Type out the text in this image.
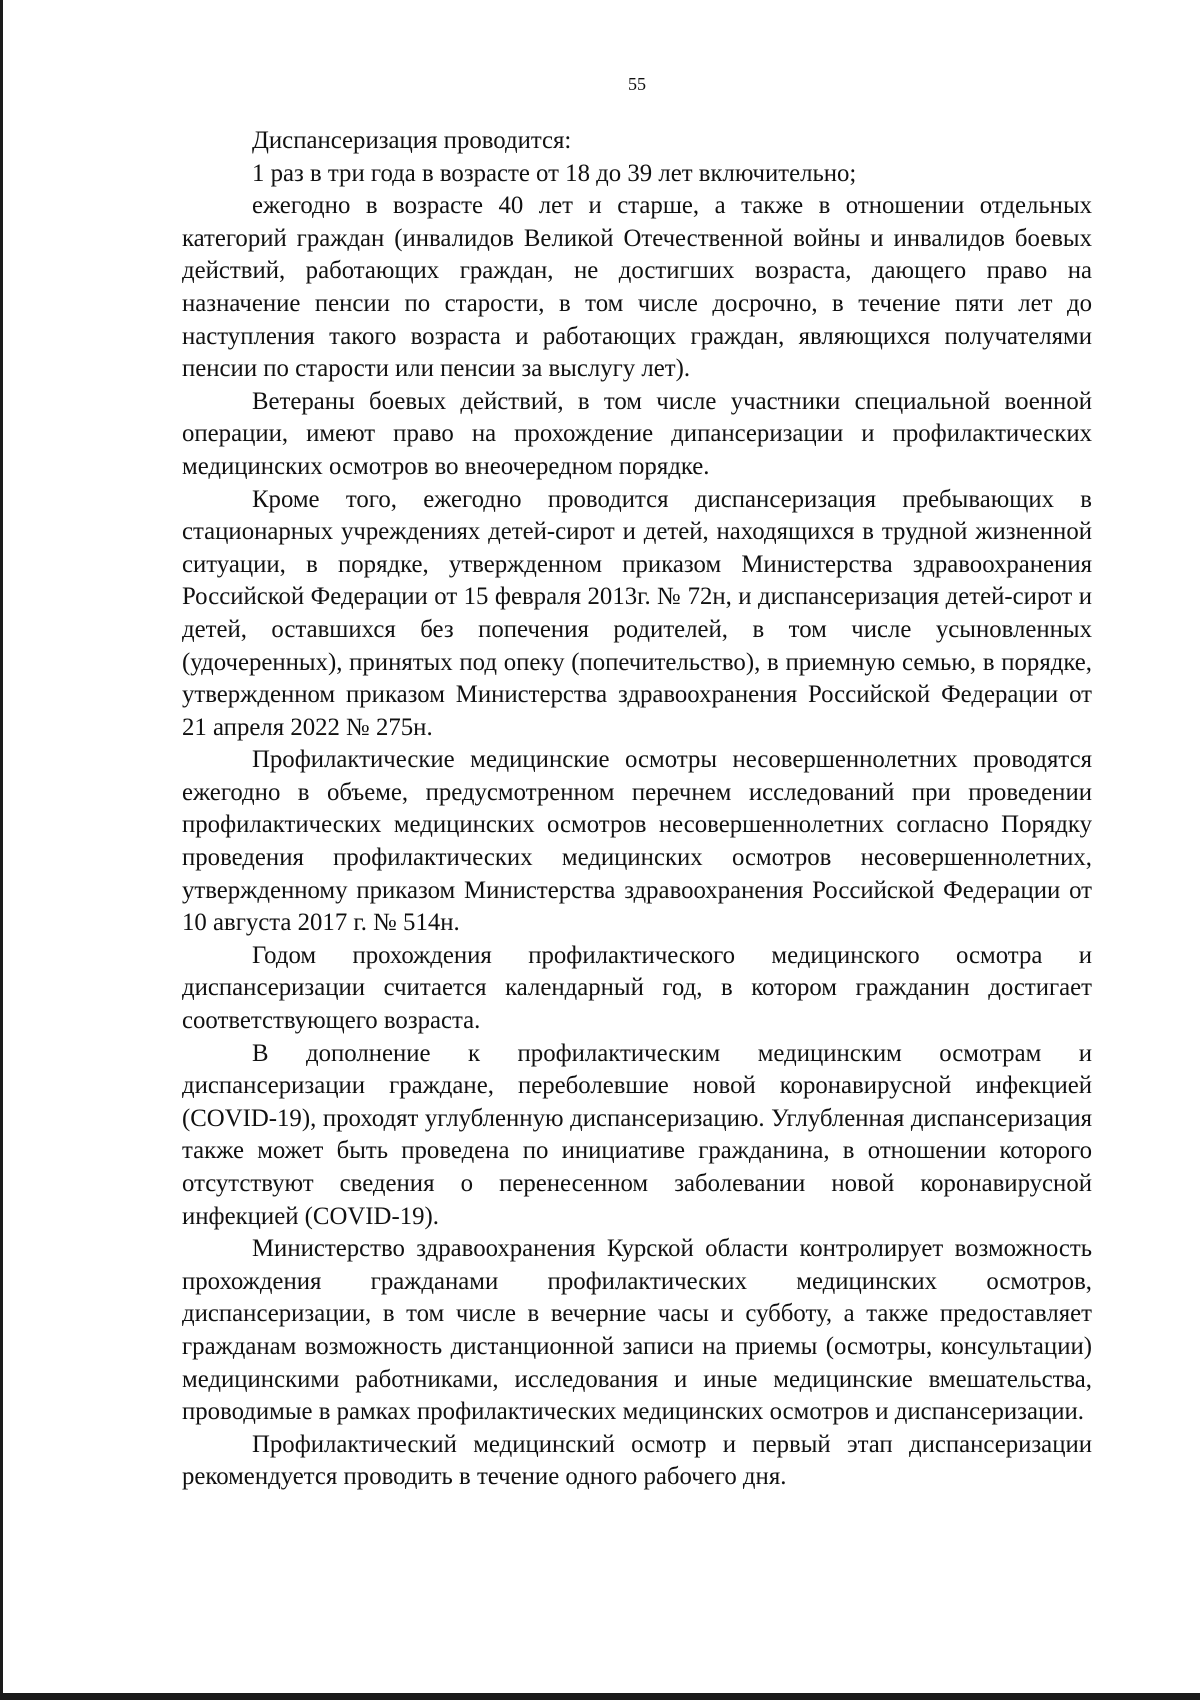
55

Диспансеризация проводится:

1 раз в три года в возрасте от 18 до 39 лет включительно;

ежегодно в возрасте 40 лет и старше, а также в отношении отдельных категорий граждан (инвалидов Великой Отечественной войны и инвалидов боевых действий, работающих граждан, не достигших возраста, дающего право на назначение пенсии по старости, в том числе досрочно, в течение пяти лет до наступления такого возраста и работающих граждан, являющихся получателями пенсии по старости или пенсии за выслугу лет).

Ветераны боевых действий, в том числе участники специальной военной операции, имеют право на прохождение дипансеризации и профилактических медицинских осмотров во внеочередном порядке.

Кроме того, ежегодно проводится диспансеризация пребывающих в стационарных учреждениях детей-сирот и детей, находящихся в трудной жизненной ситуации, в порядке, утвержденном приказом Министерства здравоохранения Российской Федерации от 15 февраля 2013г. № 72н, и диспансеризация детей-сирот и детей, оставшихся без попечения родителей, в том числе усыновленных (удочеренных), принятых под опеку (попечительство), в приемную семью, в порядке, утвержденном приказом Министерства здравоохранения Российской Федерации от 21 апреля 2022 № 275н.

Профилактические медицинские осмотры несовершеннолетних проводятся ежегодно в объеме, предусмотренном перечнем исследований при проведении профилактических медицинских осмотров несовершеннолетних согласно Порядку проведения профилактических медицинских осмотров несовершеннолетних, утвержденному приказом Министерства здравоохранения Российской Федерации от 10 августа 2017 г. № 514н.

Годом прохождения профилактического медицинского осмотра и диспансеризации считается календарный год, в котором гражданин достигает соответствующего возраста.

В дополнение к профилактическим медицинским осмотрам и диспансеризации граждане, переболевшие новой коронавирусной инфекцией (COVID-19), проходят углубленную диспансеризацию. Углубленная диспансеризация также может быть проведена по инициативе гражданина, в отношении которого отсутствуют сведения о перенесенном заболевании новой коронавирусной инфекцией (COVID-19).

Министерство здравоохранения Курской области контролирует возможность прохождения гражданами профилактических медицинских осмотров, диспансеризации, в том числе в вечерние часы и субботу, а также предоставляет гражданам возможность дистанционной записи на приемы (осмотры, консультации) медицинскими работниками, исследования и иные медицинские вмешательства, проводимые в рамках профилактических медицинских осмотров и диспансеризации.

Профилактический медицинский осмотр и первый этап диспансеризации рекомендуется проводить в течение одного рабочего дня.
